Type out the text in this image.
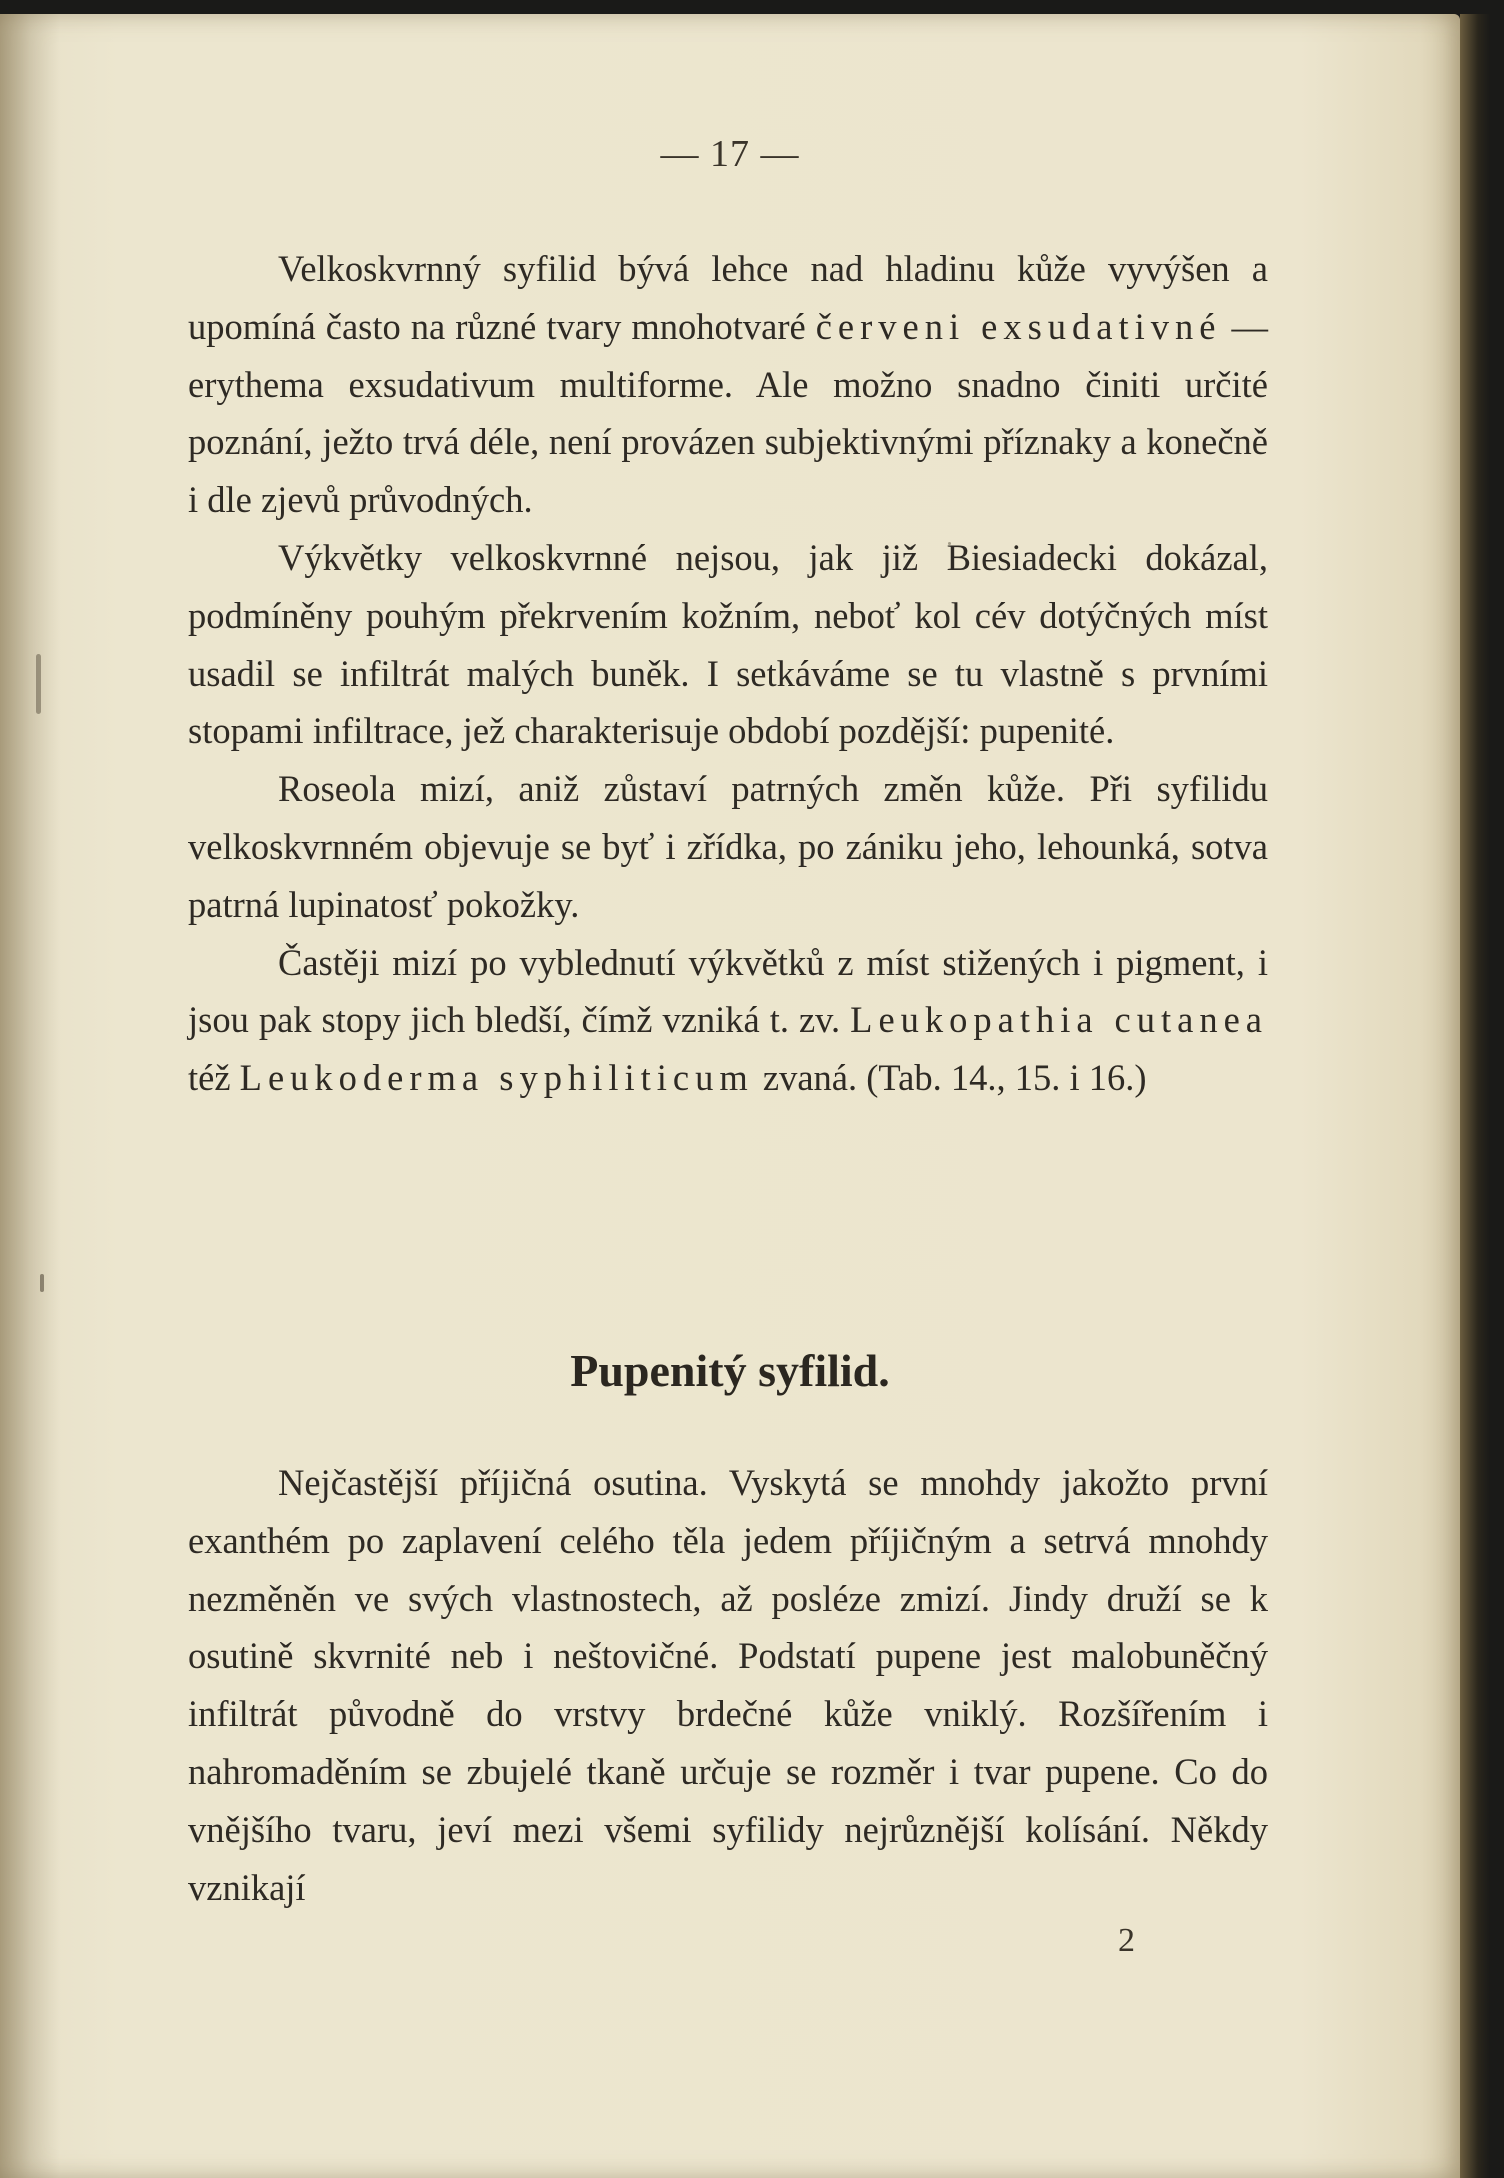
— 17 —

Velkoskvrnný syfilid bývá lehce nad hladinu kůže vyvýšen a upomíná často na různé tvary mnohotvaré červeni exsudativné — erythema exsudativum multiforme. Ale možno snadno činiti určité poznání, ježto trvá déle, není provázen subjektivnými příznaky a konečně i dle zjevů průvodných.

Výkvětky velkoskvrnné nejsou, jak již Biesiadecki dokázal, podmíněny pouhým překrvením kožním, neboť kol cév dotýčných míst usadil se infiltrát malých buněk. I setkáváme se tu vlastně s prvními stopami infiltrace, jež charakterisuje období pozdější: pupenité.

Roseola mizí, aniž zůstaví patrných změn kůže. Při syfilidu velkoskvrnném objevuje se byť i zřídka, po zániku jeho, lehounká, sotva patrná lupinatosť pokožky.

Častěji mizí po vyblednutí výkvětků z míst stižených i pigment, i jsou pak stopy jich bledší, čímž vzniká t. zv. Leukopathia cutanea též Leukoderma syphiliticum zvaná. (Tab. 14., 15. i 16.)

Pupenitý syfilid.

Nejčastější příjičná osutina. Vyskytá se mnohdy jakožto první exanthém po zaplavení celého těla jedem příjičným a setrvá mnohdy nezměněn ve svých vlastnostech, až posléze zmizí. Jindy druží se k osutině skvrnité neb i neštovičné. Podstatí pupene jest malobuněčný infiltrát původně do vrstvy brdečné kůže vniklý. Rozšířením i nahromaděním se zbujelé tkaně určuje se rozměr i tvar pupene. Co do vnějšího tvaru, jeví mezi všemi syfilidy nejrůznější kolísání. Někdy vznikají

2
